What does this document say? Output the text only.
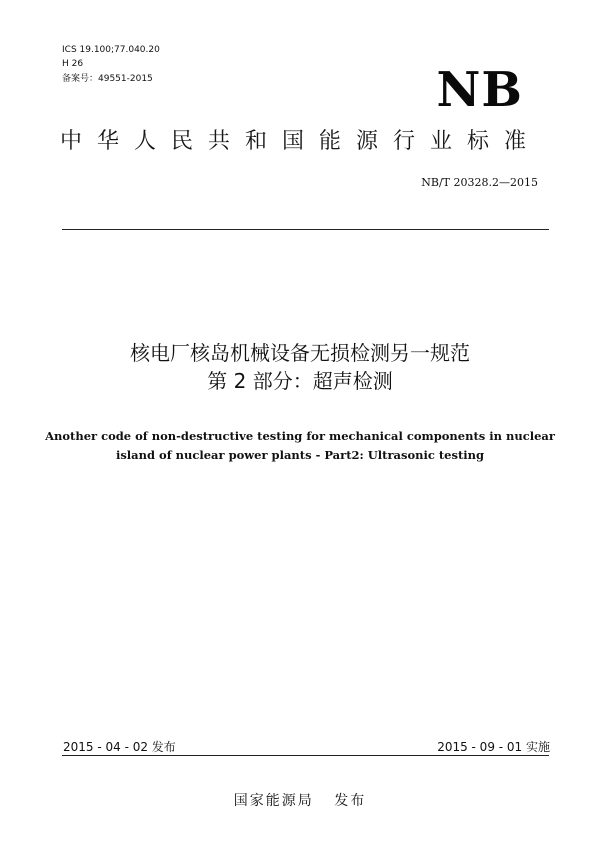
ICS 19.100;77.040.20
H 26
备案号：49551-2015	NB
中华人民共和国能源行业标准
NB/T 20328.2—2015
核电厂核岛机械设备无损检测另一规范
第 2 部分：超声检测
Another code of non-destructive testing for mechanical components in nuclear
island of nuclear power plants - Part2: Ultrasonic testing
2015 - 04 - 02 发布	2015 - 09 - 01 实施
国家能源局 发布
